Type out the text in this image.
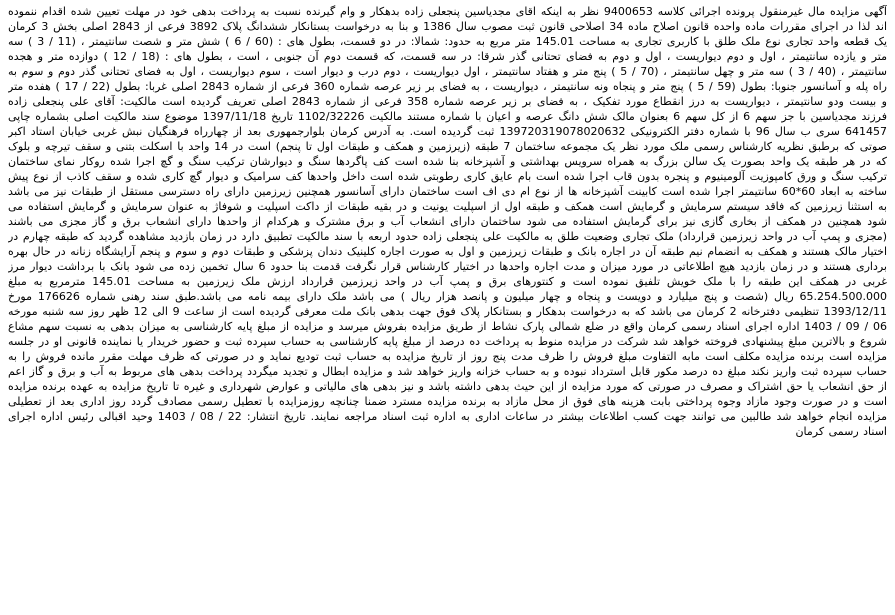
آگهی مزایده مال غیرمنقول پرونده اجرائی کلاسه 9400653 نظر به اینکه اقای مجدیاسین پنجعلی زاده بدهکار و وام گیرنده نسبت به پرداخت بدهی خود در مهلت تعیین شده اقدام ننموده اند لذا در اجرای مقررات ماده واحده قانون اصلاح ماده 34 اصلاحی قانون ثبت مصوب سال 1386 و بنا به درخواست بستانکار ششدانگ پلاک 3892 فرعی از 2843 اصلی بخش 3 کرمان یک قطعه واحد تجاری نوع ملک طلق با کاربری تجاری به مساحت 145.01 متر مربع به حدود: شمالا: در دو قسمت، بطول های : (60 / 6 ) شش متر و شصت سانتیمتر ، (11 / 3 ) سه متر و یازده سانتیمتر ، اول و دوم دیواریست ، اول و دوم به فضای تحتانی گذر شرقا: در سه قسمت، که قسمت دوم آن جنوبی ، است ، بطول های : (18 / 12 ) دوازده متر و هجده سانتیمتر ، (40 / 3 ) سه متر و چهل سانتیمتر ، (70 / 5 ) پنج متر و هفتاد سانتیمتر ، اول دیواریست ، دوم درب و دیوار است ، سوم دیواریست ، اول به فضای تحتانی گذر دوم و سوم به راه پله و آسانسور جنوبا: بطول (59 / 5 ) پنج متر و پنجاه ونه سانتیمتر ، دیواریست ، به فضای بر زیر عرصه شماره 360 فرعی از شماره 2843 اصلی غربا: بطول (22 / 17 ) هفده متر و بیست ودو سانتیمتر ، دیواریست به درز انقطاع مورد تفکیک ، به فضای بر زیر عرصه شماره 358 فرعی از شماره 2843 اصلی تعریف گردیده است مالکیت: آقای علی پنجعلی زاده فرزند مجدیاسین با جز سهم 6 از کل سهم 6 بعنوان مالک شش دانگ عرصه و اعیان با شماره مستند مالکیت 1102/32226 تاریخ 1397/11/18 موضوع سند مالکیت اصلی بشماره چاپی 641457 سری ب سال 96 با شماره دفتر الکترونیکی 139720319078020632 ثبت گردیده است. به آدرس کرمان بلوارجمهوری بعد از چهارراه فرهنگیان نبش غربی خیابان استاد اکبر صوتی که برطبق نظریه کارشناس رسمی ملک مورد نظر یک مجموعه ساختمان 7 طبقه (زیرزمین و همکف و طبقات اول تا پنجم) است در 14 واحد با اسکلت بتنی و سقف تیرچه و بلوک که در هر طبقه یک واحد بصورت یک سالن بزرگ به همراه سرویس بهداشتی و آشپزخانه بنا شده است کف پاگردها سنگ و دیوارشان ترکیب سنگ و گچ اجرا شده روکار نمای ساختمان ترکیب سنگ و ورق کامپوزیت آلومینیوم و پنجره بدون قاب اجرا شده است بام عایق کاری رطوبتی شده است داخل واحدها کف سرامیک و دیوار گچ کاری شده و سقف کاذب از نوع پیش ساخته به ابعاد 60*60 سانتیمتر اجرا شده است کابینت آشپزخانه ها از نوع ام دی اف است ساختمان دارای آسانسور همچنین زیرزمین دارای راه دسترسی مستقل از طبقات نیز می باشد به استثنا زیرزمین که فاقد سیستم سرمایش و گرمایش است همکف و طبقه اول از اسپلیت یونیت و در بقیه طبقات از داکت اسپلیت و شوفاژ به عنوان سرمایش و گرمایش استفاده می شود همچنین در همکف از بخاری گازی نیز برای گرمایش استفاده می شود ساختمان دارای انشعاب آب و برق مشترک و هرکدام از واحدها دارای انشعاب برق و گاز مجزی می باشند (مجزی و پمپ آب در واحد زیرزمین قرارداد) ملک تجاری وضعیت طلق به مالکیت علی پنجعلی زاده حدود اربعه با سند مالکیت تطبیق دارد در زمان بازدید مشاهده گردید که طبقه چهارم در اختیار مالک هستند و همکف به انضمام نیم طبقه آن در اجاره بانک و طبقات زیرزمین و اول به صورت اجاره کلینیک دندان پزشکی و طبقات دوم و سوم و پنجم آرایشگاه زنانه در حال بهره برداری هستند و در زمان بازدید هیچ اطلاعاتی در مورد میزان و مدت اجاره واحدها در اختیار کارشناس قرار نگرفت قدمت بنا حدود 6 سال تخمین زده می شود بانک با برداشت دیوار مرز غربی در همکف این طبقه را با ملک خویش تلفیق نموده است و کنتورهای برق و پمپ آب در واحد زیرزمین قرارداد ارزش ملک زیرزمین به مساحت 145.01 مترمربع به مبلغ 65.254.500.000 ریال (شصت و پنج میلیارد و دویست و پنجاه و چهار میلیون و پانصد هزار ریال ) می باشد ملک دارای بیمه نامه می باشد.طبق سند رهنی شماره 176626 مورخ 1393/12/11 تنظیمی دفترخانه 2 کرمان می باشد که به درخواست بدهکار و بستانکار پلاک فوق جهت بدهی بانک ملت معرفی گردیده است از ساعت 9 الی 12 ظهر روز سه شنبه مورخه 06 / 09 / 1403 اداره اجرای اسناد رسمی کرمان واقع در ضلع شمالی پارک نشاط از طریق مزایده بفروش میرسد و مزایده از مبلغ پایه کارشناسی به میزان بدهی به نسبت سهم مشاع شروع و بالاترین مبلغ پیشنهادی فروخته خواهد شد شرکت در مزایده منوط به پرداخت ده درصد از مبلغ پایه کارشناسی به حساب سپرده ثبت و حضور خریدار یا نماینده قانونی او در جلسه مزایده است برنده مزایده مکلف است مابه التفاوت مبلغ فروش را ظرف مدت پنج روز از تاریخ مزایده به حساب ثبت تودیع نماید و در صورتی که ظرف مهلت مقرر مانده فروش را به حساب سپرده ثبت واریز نکند مبلغ ده درصد مکور قابل استرداد نبوده و به حساب خزانه واریز خواهد شد و مزایده ابطال و تجدید میگردد پرداخت بدهی های مربوط به آب و برق و گاز اعم از حق انشعاب یا حق اشتراک و مصرف در صورتی که مورد مزایده از این حیث بدهی داشته باشد و نیز بدهی های مالیاتی و عوارض شهرداری و غیره تا تاریخ مزایده به عهده برنده مزایده است و در صورت وجود مازاد وجوه پرداختی بابت هزینه های فوق از محل مازاد به برنده مزایده مسترد ضمنا چنانچه روزمزایده با تعطیل رسمی مصادف گردد روز اداری بعد از تعطیلی مزایده انجام خواهد شد طالبین می توانند جهت کسب اطلاعات بیشتر در ساعات اداری به اداره ثبت اسناد مراجعه نمایند. تاریخ انتشار: 22 / 08 / 1403 وحید اقبالی رئیس اداره اجرای اسناد رسمی کرمان
